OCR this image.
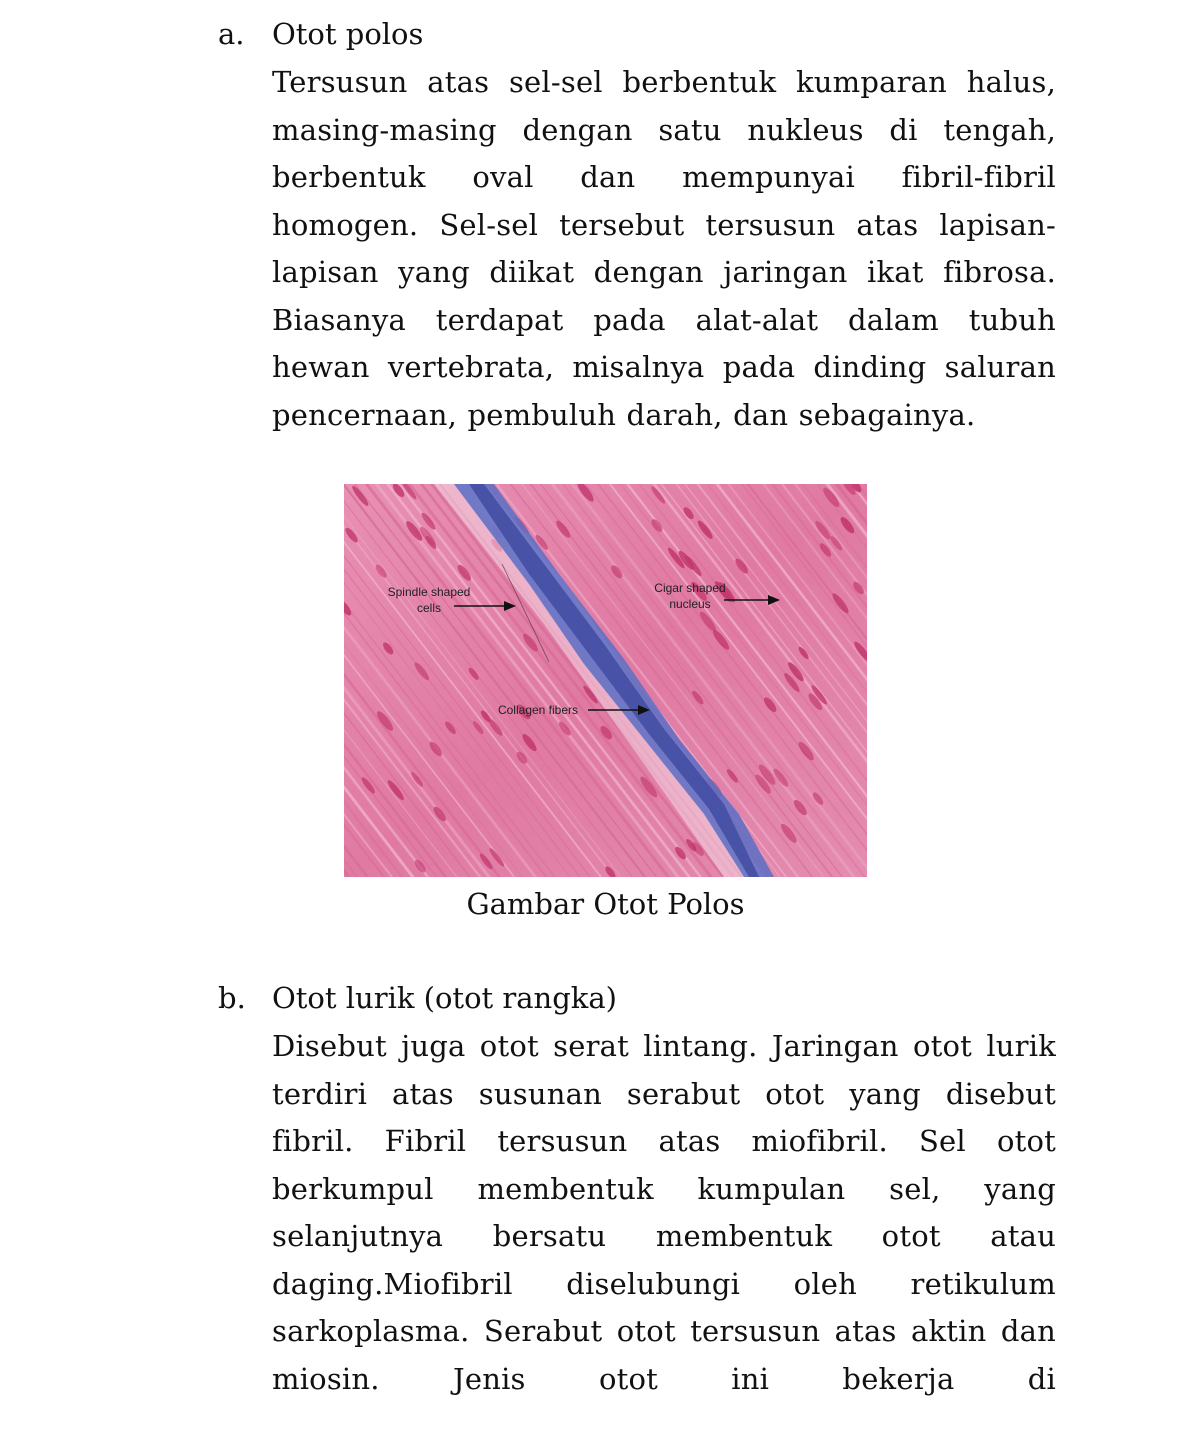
a. Otot polos

Tersusun atas sel-sel berbentuk kumparan halus, masing-masing dengan satu nukleus di tengah, berbentuk oval dan mempunyai fibril-fibril homogen. Sel-sel tersebut tersusun atas lapisan-lapisan yang diikat dengan jaringan ikat fibrosa. Biasanya terdapat pada alat-alat dalam tubuh hewan vertebrata, misalnya pada dinding saluran pencernaan, pembuluh darah, dan sebagainya.

Spindle shaped
cells
Cigar shaped
nucleus
Collagen fibers
Gambar Otot Polos
b. Otot lurik (otot rangka)

Disebut juga otot serat lintang. Jaringan otot lurik terdiri atas susunan serabut otot yang disebut fibril. Fibril tersusun atas miofibril. Sel otot berkumpul membentuk kumpulan sel, yang selanjutnya bersatu membentuk otot atau daging.Miofibril diselubungi oleh retikulum sarkoplasma. Serabut otot tersusun atas aktin dan miosin. Jenis otot ini bekerja di
